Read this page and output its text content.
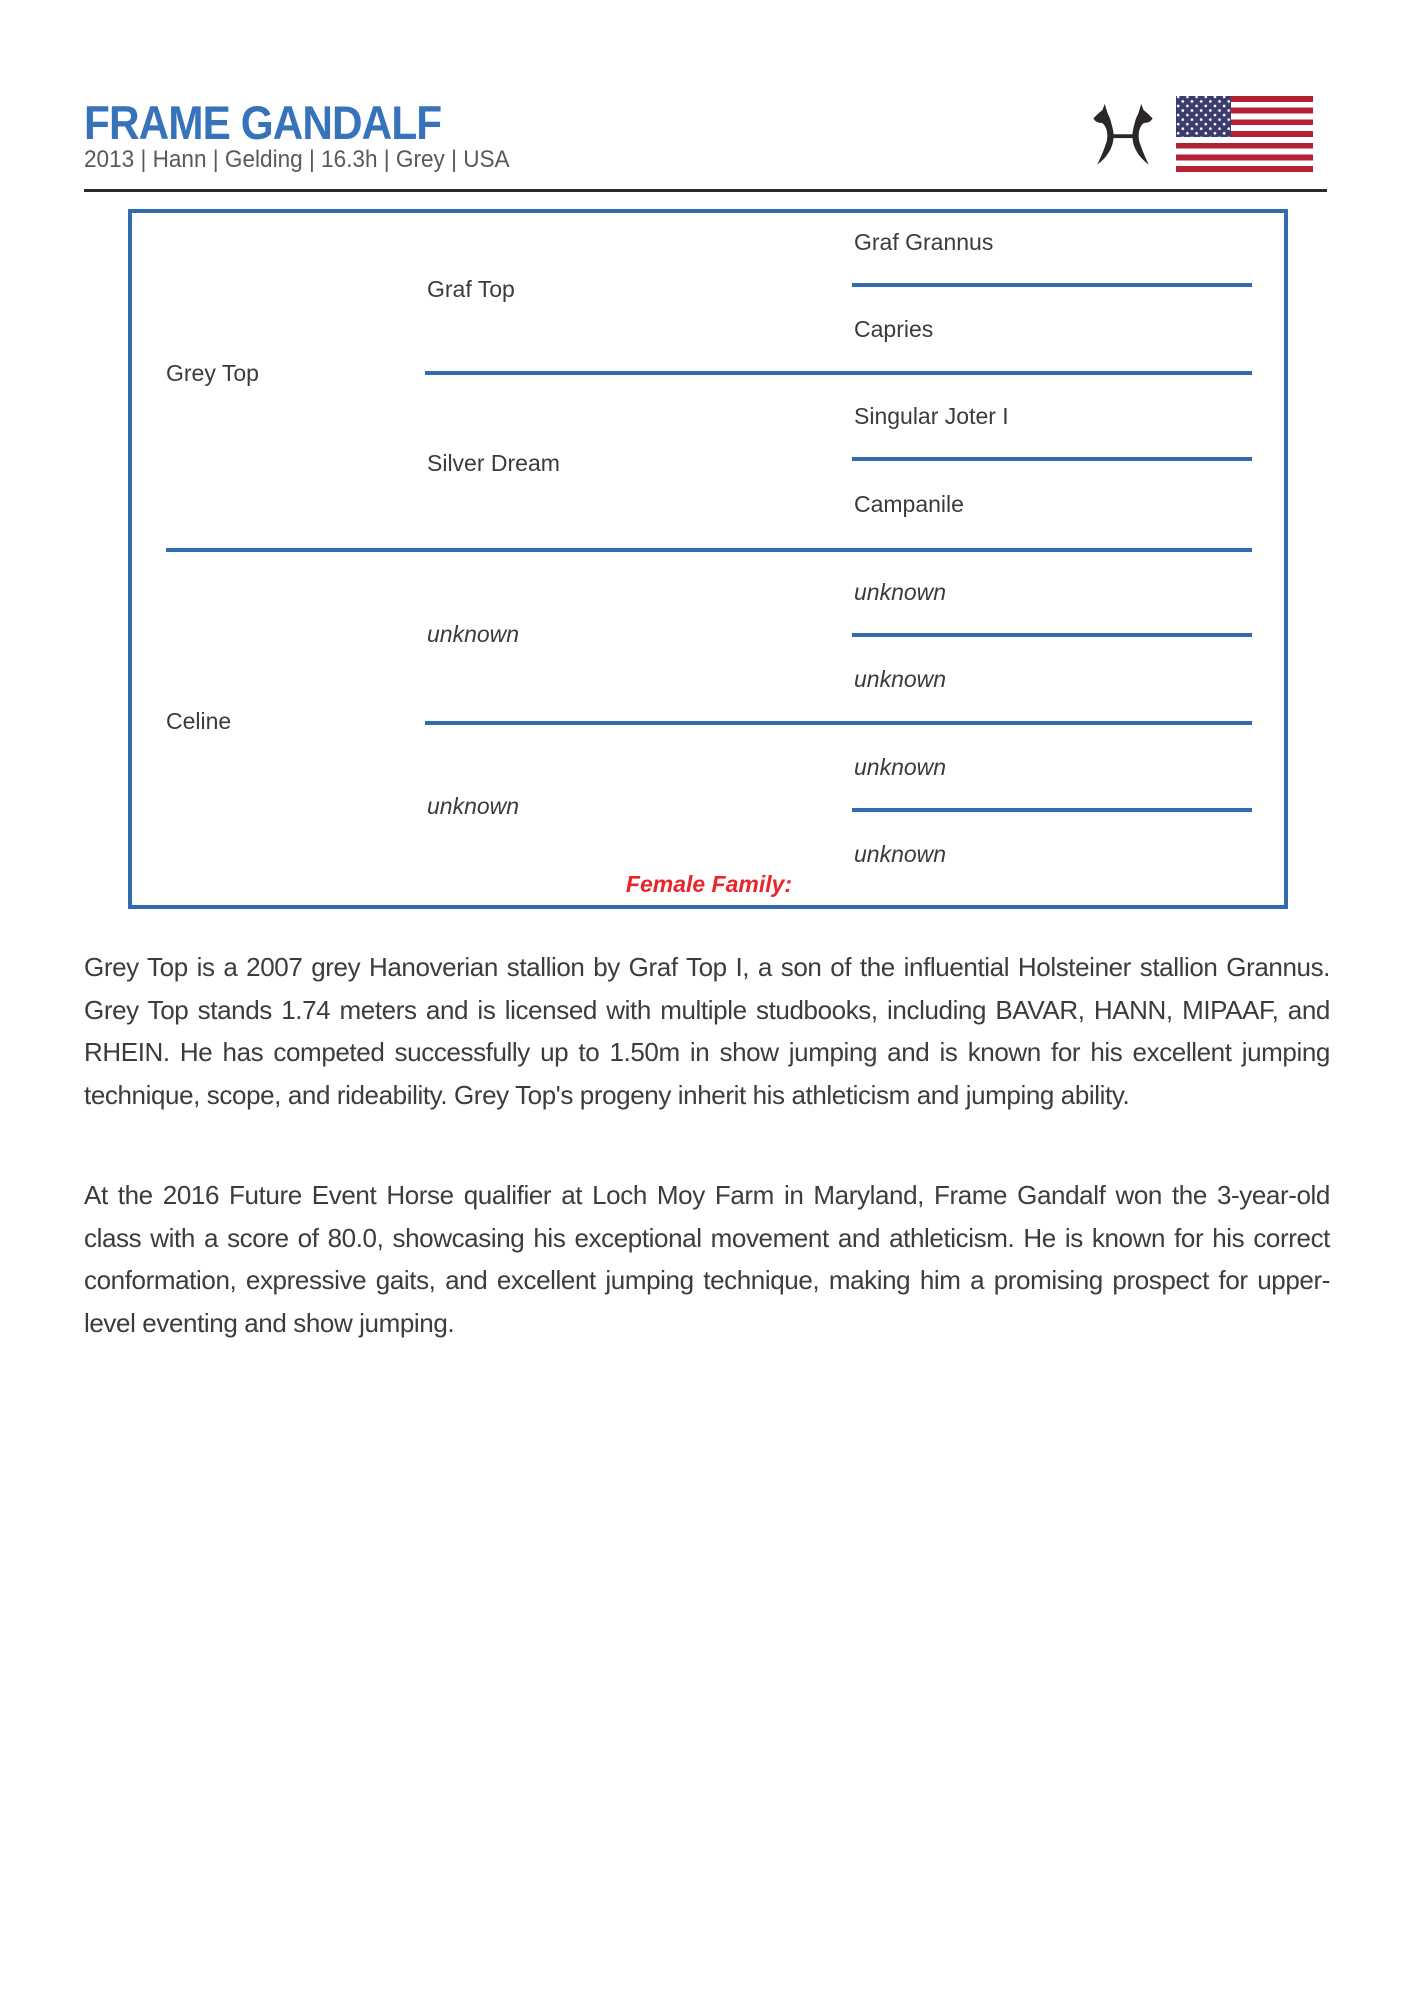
FRAME GANDALF
2013 | Hann | Gelding | 16.3h | Grey | USA
Grey Top
Celine
Graf Top
Silver Dream
unknown
unknown
Graf Grannus
Capries
Singular Joter I
Campanile
unknown
unknown
unknown
unknown
Female Family:

Grey Top is a 2007 grey Hanoverian stallion by Graf Top I, a son of the influential Holsteiner stallion Grannus. Grey Top stands 1.74 meters and is licensed with multiple studbooks, including BAVAR, HANN, MIPAAF, and RHEIN. He has competed successfully up to 1.50m in show jumping and is known for his excellent jumping technique, scope, and rideability. Grey Top's progeny inherit his athleticism and jumping ability.

At the 2016 Future Event Horse qualifier at Loch Moy Farm in Maryland, Frame Gandalf won the 3-year-old class with a score of 80.0, showcasing his exceptional movement and athleticism. He is known for his correct conformation, expressive gaits, and excellent jumping technique, making him a promising prospect for upper-level eventing and show jumping.
